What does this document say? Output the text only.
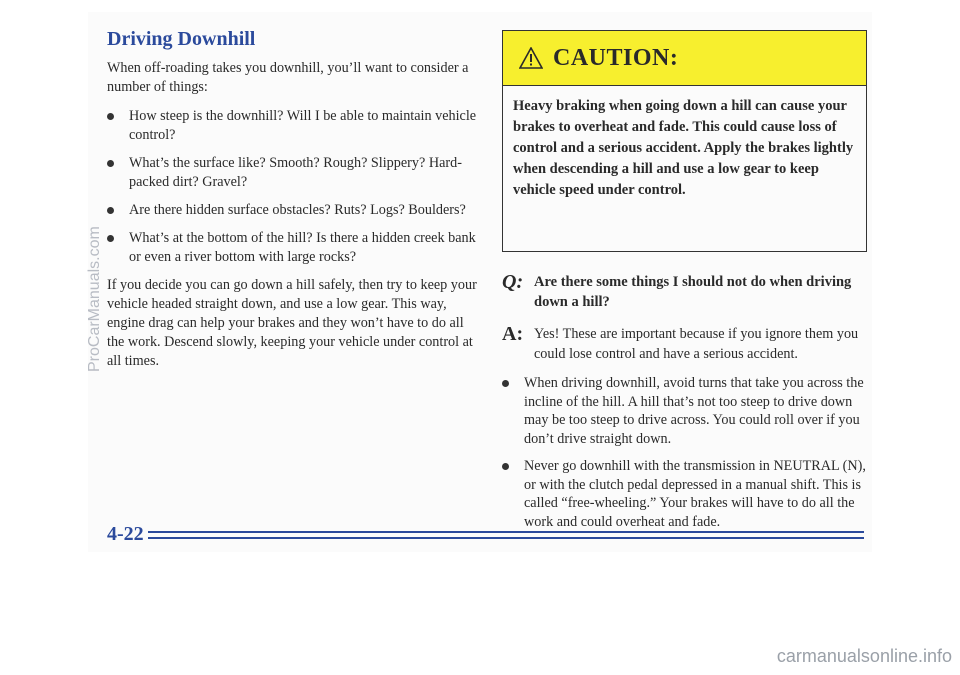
Driving Downhill

When off-roading takes you downhill, you’ll want to consider a number of things:

How steep is the downhill? Will I be able to maintain vehicle control?
What’s the surface like? Smooth? Rough? Slippery? Hard-packed dirt? Gravel?
Are there hidden surface obstacles? Ruts? Logs? Boulders?
What’s at the bottom of the hill? Is there a hidden creek bank or even a river bottom with large rocks?

If you decide you can go down a hill safely, then try to keep your vehicle headed straight down, and use a low gear. This way, engine drag can help your brakes and they won’t have to do all the work. Descend slowly, keeping your vehicle under control at all times.

CAUTION:
Heavy braking when going down a hill can cause your brakes to overheat and fade. This could cause loss of control and a serious accident. Apply the brakes lightly when descending a hill and use a low gear to keep vehicle speed under control.
Q: Are there some things I should not do when driving down a hill?
A: Yes! These are important because if you ignore them you could lose control and have a serious accident.
When driving downhill, avoid turns that take you across the incline of the hill. A hill that’s not too steep to drive down may be too steep to drive across. You could roll over if you don’t drive straight down.
Never go downhill with the transmission in NEUTRAL (N), or with the clutch pedal depressed in a manual shift. This is called “free-wheeling.” Your brakes will have to do all the work and could overheat and fade.
4-22
ProCarManuals.com
carmanualsonline.info
